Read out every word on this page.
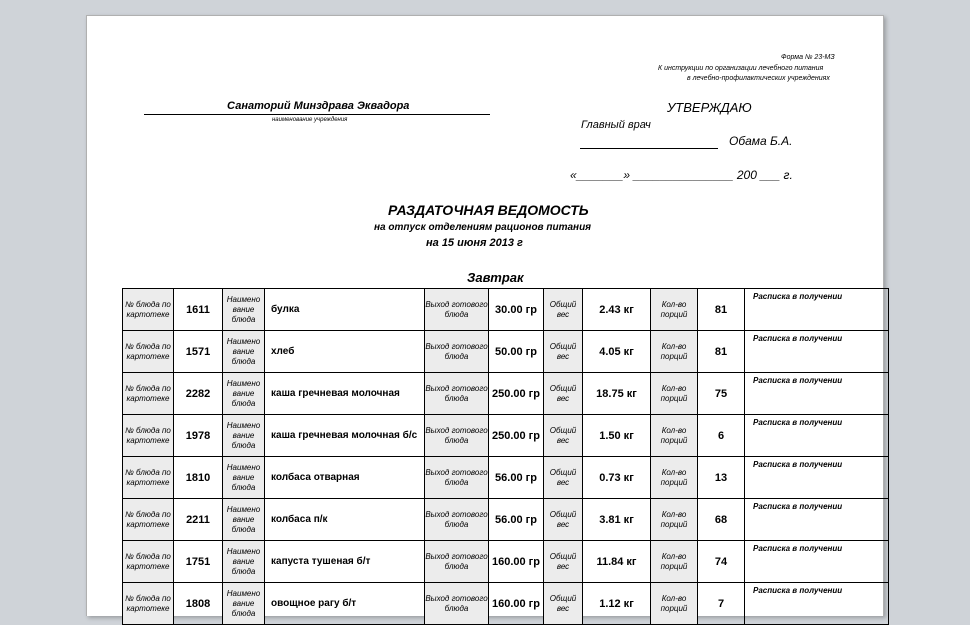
Форма № 23-МЗ
К инструкции по организации лечебного питания
в лечебно-профилактических учреждениях
Санаторий Минздрава Эквадора
наименование учреждения
УТВЕРЖДАЮ
Главный врач
Обама Б.А.
«_______» _______________ 200 ___ г.
РАЗДАТОЧНАЯ ВЕДОМОСТЬ
на отпуск отделениям рационов питания
на 15 июня 2013 г
Завтрак
№ блюда по картотеке	1611	Наимено вание блюда	булка	Выход готового блюда	30.00 гр	Общий вес	2.43 кг	Кол-во порций	81	Расписка в получении
№ блюда по картотеке	1571	Наимено вание блюда	хлеб	Выход готового блюда	50.00 гр	Общий вес	4.05 кг	Кол-во порций	81	Расписка в получении
№ блюда по картотеке	2282	Наимено вание блюда	каша гречневая молочная	Выход готового блюда	250.00 гр	Общий вес	18.75 кг	Кол-во порций	75	Расписка в получении
№ блюда по картотеке	1978	Наимено вание блюда	каша гречневая молочная б/с	Выход готового блюда	250.00 гр	Общий вес	1.50 кг	Кол-во порций	6	Расписка в получении
№ блюда по картотеке	1810	Наимено вание блюда	колбаса отварная	Выход готового блюда	56.00 гр	Общий вес	0.73 кг	Кол-во порций	13	Расписка в получении
№ блюда по картотеке	2211	Наимено вание блюда	колбаса п/к	Выход готового блюда	56.00 гр	Общий вес	3.81 кг	Кол-во порций	68	Расписка в получении
№ блюда по картотеке	1751	Наимено вание блюда	капуста тушеная б/т	Выход готового блюда	160.00 гр	Общий вес	11.84 кг	Кол-во порций	74	Расписка в получении
№ блюда по картотеке	1808	Наимено вание блюда	овощное рагу б/т	Выход готового блюда	160.00 гр	Общий вес	1.12 кг	Кол-во порций	7	Расписка в получении
